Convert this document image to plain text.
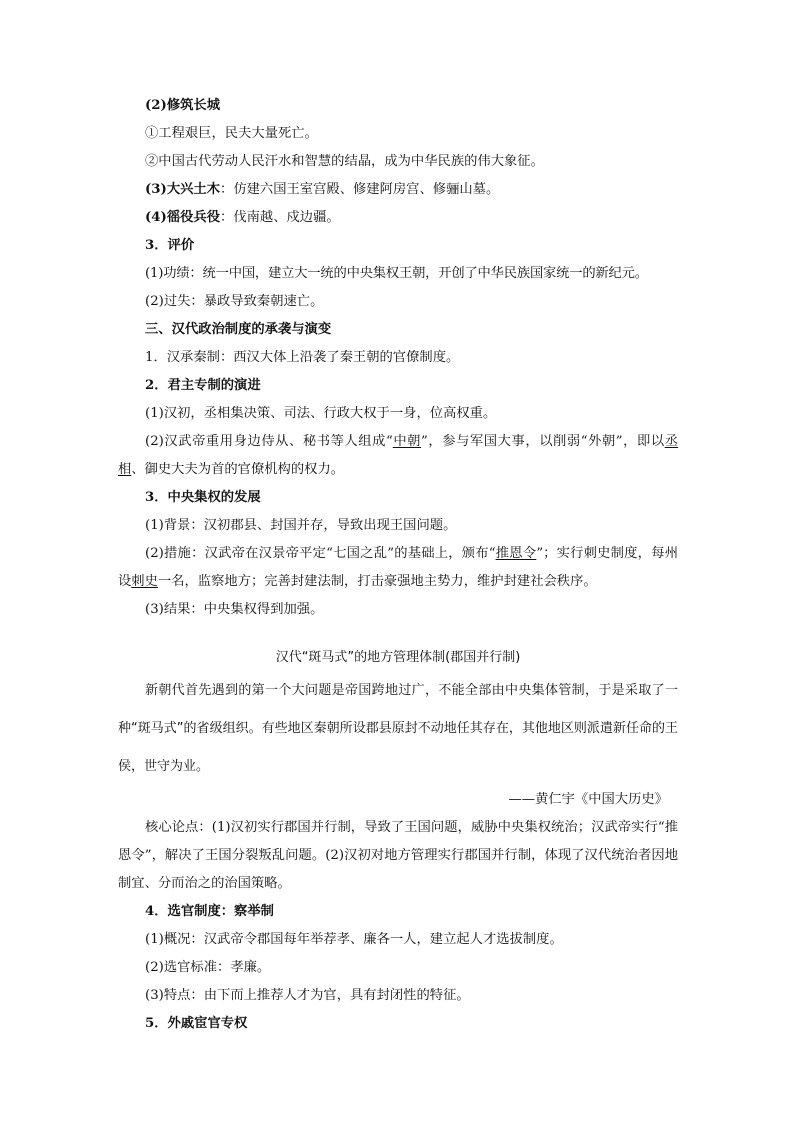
(2)修筑长城
①工程艰巨，民夫大量死亡。
②中国古代劳动人民汗水和智慧的结晶，成为中华民族的伟大象征。
(3)大兴土木：仿建六国王室宫殿、修建阿房宫、修骊山墓。
(4)徭役兵役：伐南越、戍边疆。
3．评价
(1)功绩：统一中国，建立大一统的中央集权王朝，开创了中华民族国家统一的新纪元。
(2)过失：暴政导致秦朝速亡。
三、汉代政治制度的承袭与演变
1．汉承秦制：西汉大体上沿袭了秦王朝的官僚制度。
2．君主专制的演进
(1)汉初，丞相集决策、司法、行政大权于一身，位高权重。
(2)汉武帝重用身边侍从、秘书等人组成“中朝”，参与军国大事，以削弱“外朝”，即以丞相、御史大夫为首的官僚机构的权力。
3．中央集权的发展
(1)背景：汉初郡县、封国并存，导致出现王国问题。
(2)措施：汉武帝在汉景帝平定“七国之乱”的基础上，颁布“推恩令”；实行刺史制度，每州设刺史一名，监察地方；完善封建法制，打击豪强地主势力，维护封建社会秩序。
(3)结果：中央集权得到加强。
汉代“斑马式”的地方管理体制(郡国并行制)
新朝代首先遇到的第一个大问题是帝国跨地过广，不能全部由中央集体管制，于是采取了一种“斑马式”的省级组织。有些地区秦朝所设郡县原封不动地任其存在，其他地区则派遣新任命的王侯，世守为业。
——黄仁宇《中国大历史》
核心论点：(1)汉初实行郡国并行制，导致了王国问题，威胁中央集权统治；汉武帝实行“推恩令”，解决了王国分裂叛乱问题。(2)汉初对地方管理实行郡国并行制，体现了汉代统治者因地制宜、分而治之的治国策略。
4．选官制度：察举制
(1)概况：汉武帝令郡国每年举荐孝、廉各一人，建立起人才选拔制度。
(2)选官标准：孝廉。
(3)特点：由下而上推荐人才为官，具有封闭性的特征。
5．外戚宦官专权
